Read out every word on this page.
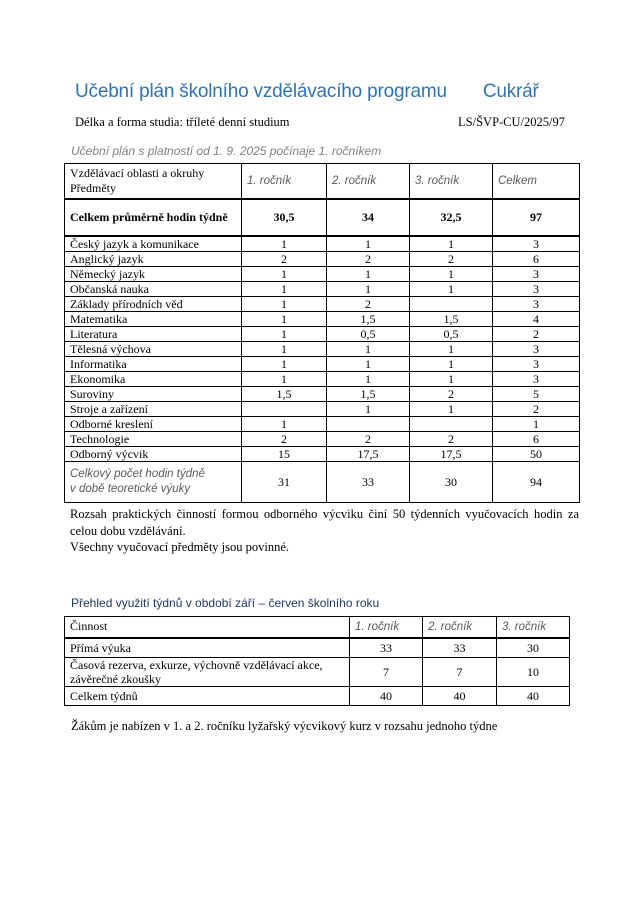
Učební plán školního vzdělávacího programu Cukrář
Délka a forma studia: tříleté denní studium	LS/ŠVP-CU/2025/97
Učební plán s platností od 1. 9. 2025 počínaje 1. ročníkem
Vzdělávací oblasti a okruhy
Předměty	1. ročník	2. ročník	3. ročník	Celkem
Celkem průměrně hodin týdně	30,5	34	32,5	97
Český jazyk a komunikace	1	1	1	3
Anglický jazyk	2	2	2	6
Německý jazyk	1	1	1	3
Občanská nauka	1	1	1	3
Základy přírodních věd	1	2		3
Matematika	1	1,5	1,5	4
Literatura	1	0,5	0,5	2
Tělesná výchova	1	1	1	3
Informatika	1	1	1	3
Ekonomika	1	1	1	3
Suroviny	1,5	1,5	2	5
Stroje a zařízení		1	1	2
Odborné kreslení	1			1
Technologie	2	2	2	6
Odborný výcvik	15	17,5	17,5	50

Celkový počet hodin týdně
v době teoretické výuky	31	33	30	94
Rozsah praktických činností formou odborného výcviku činí 50 týdenních vyučovacích hodin za celou dobu vzdělávání.
Všechny vyučovací předměty jsou povinné.
Přehled využití týdnů v období září – červen školního roku
Činnost	1. ročník	2. ročník	3. ročník
Přímá výuka	33	33	30
Časová rezerva, exkurze, výchovně vzdělávací akce, závěrečné zkoušky	7	7	10
Celkem týdnů	40	40	40
Žákům je nabízen v 1. a 2. ročníku lyžařský výcvikový kurz v rozsahu jednoho týdne
